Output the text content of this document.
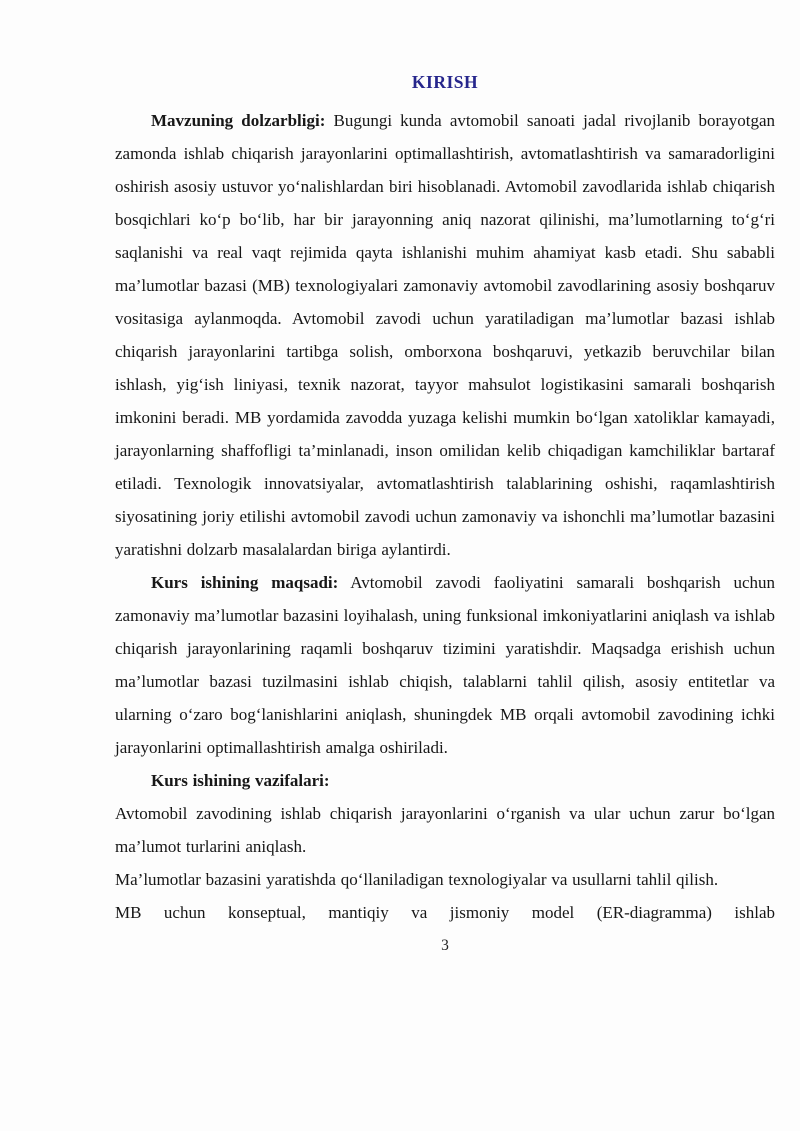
KIRISH

Mavzuning dolzarbligi: Bugungi kunda avtomobil sanoati jadal rivojlanib borayotgan zamonda ishlab chiqarish jarayonlarini optimallashtirish, avtomatlashtirish va samaradorligini oshirish asosiy ustuvor yoʻnalishlardan biri hisoblanadi. Avtomobil zavodlarida ishlab chiqarish bosqichlari koʻp boʻlib, har bir jarayonning aniq nazorat qilinishi, ma’lumotlarning toʻgʻri saqlanishi va real vaqt rejimida qayta ishlanishi muhim ahamiyat kasb etadi. Shu sababli ma’lumotlar bazasi (MB) texnologiyalari zamonaviy avtomobil zavodlarining asosiy boshqaruv vositasiga aylanmoqda. Avtomobil zavodi uchun yaratiladigan ma’lumotlar bazasi ishlab chiqarish jarayonlarini tartibga solish, omborxona boshqaruvi, yetkazib beruvchilar bilan ishlash, yigʻish liniyasi, texnik nazorat, tayyor mahsulot logistikasini samarali boshqarish imkonini beradi. MB yordamida zavodda yuzaga kelishi mumkin boʻlgan xatoliklar kamayadi, jarayonlarning shaffofligi ta’minlanadi, inson omilidan kelib chiqadigan kamchiliklar bartaraf etiladi. Texnologik innovatsiyalar, avtomatlashtirish talablarining oshishi, raqamlashtirish siyosatining joriy etilishi avtomobil zavodi uchun zamonaviy va ishonchli ma’lumotlar bazasini yaratishni dolzarb masalalardan biriga aylantirdi.

Kurs ishining maqsadi: Avtomobil zavodi faoliyatini samarali boshqarish uchun zamonaviy ma’lumotlar bazasini loyihalash, uning funksional imkoniyatlarini aniqlash va ishlab chiqarish jarayonlarining raqamli boshqaruv tizimini yaratishdir. Maqsadga erishish uchun ma’lumotlar bazasi tuzilmasini ishlab chiqish, talablarni tahlil qilish, asosiy entitetlar va ularning oʻzaro bogʻlanishlarini aniqlash, shuningdek MB orqali avtomobil zavodining ichki jarayonlarini optimallashtirish amalga oshiriladi.

Kurs ishining vazifalari:

Avtomobil zavodining ishlab chiqarish jarayonlarini oʻrganish va ular uchun zarur boʻlgan ma’lumot turlarini aniqlash.

Ma’lumotlar bazasini yaratishda qoʻllaniladigan texnologiyalar va usullarni tahlil qilish.

MB uchun konseptual, mantiqiy va jismoniy model (ER-diagramma) ishlab

3
